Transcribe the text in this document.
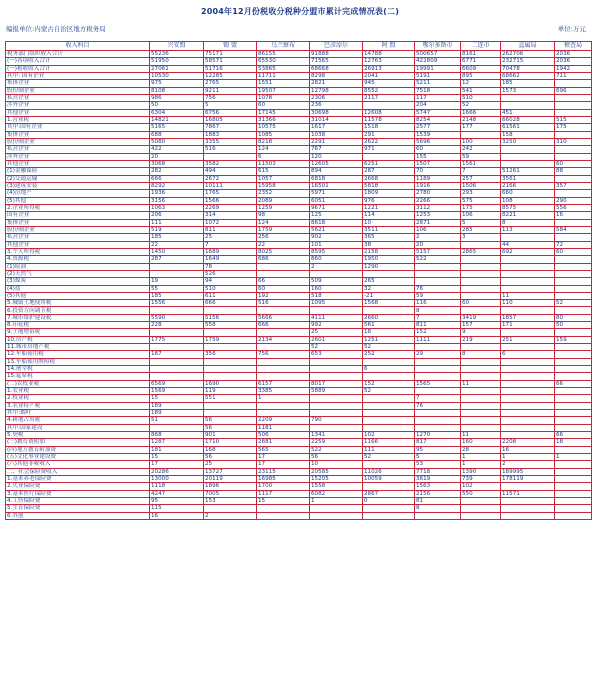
2004年12月份税收分税种分盟市累计完成情况表(二)
编报单位:内蒙古自治区地方税务局	单位:万元
收入科目	兴安盟	锡 盟	乌兰察布	巴彦淖尔	阿 盟	鄂尔多斯市	二连市	直属局	稽查局
税务部门组织收入合计	55236	75171	86155	91888	14788	500657	8161	262706	2036
(一)各项收入合计	51950	58571	65530	71565	12763	422809	6771	232715	2036
(一)税收收入合计	27061	51716	53865	68668	26913	19991	6609	70478	1942
其中: 国有企业	10530	12285	11711	8298	2041	5191	895	68662	711
集体企业	975	2765	1551	2821	945	5211	12	185	
股份制企业	8108	9211	19507	12798	8552	7518	541	1573	696
私营企业	986	756	1078	2306	2117	117	510		
涉外企业	50	5	60	236		204	52		
其他企业	6304	6756	17145	30698	12608	5747	1666	451	
1.营业税	14821	16805	31366	31014	11578	8254	2148	66028	515
其中:国有企业	5165	7867	10575	1617	1518	2577	177	61561	175
集体企业	688	1883	1085	1038	291	1539		158	
股份制企业	5080	3355	8218	2291	2622	5696	100	3250	310
私营企业	422	516	124	767	971	60	242		
涉外企业	20		6	120		155	59		
其他企业	3068	3582	11503	12605	6251	1507	1561		60
(1)金融保险	282	494	615	894	287	70	7	51261	88
(2)交通运输	666	2672	1057	6818	2668	1189	257	3561	
(3)建筑安装	8292	10111	15958	16501	5818	1916	1506	2166	357
(4)房地产	1936	1765	2352	5971	1809	2780	293	660	
(5)其他	3156	1566	2089	6051	976	2266	575	108	290
2.企业所得税	1063	2269	1259	9671	1221	3112	175	8575	556
国有企业	206	314	98	125	114	1253	106	8221	16
集体企业	111	1072	124	8618	10	2871	5	8	
股份制企业	519	811	1759	5621	3511	106	285	113	584
私营企业	185	25	256	902	365	2	3		
其他企业	22	7	22	101	38	20		44	72
3.个人所得税	1450	1689	8025	8595	2158	5157	2865	692	60
4.资源税	287	1649	686	860	1950	522			
(1)原油		78		2	1290				
(2)天然气		526							
(3)煤炭	19	94	66	509	265				
(4)盐	55	510	60	160	32	76			
(5)其他	185	611	192	518	-21	59		11	
5.城镇土地使用税	1556	666	516	1095	1568	116	60	110	52
6.投资方向调节税						8			
7.城市维护建设税	5590	5156	5666	4111	2660	7	3419	1857	80
8.印花税	228	558	666	992	561	811	157	171	50
9.土地增值税				25	18	152	9		
10.房产税	1775	1759	2134	2601	1251	1111	219	251	159
11.城市房地产税				52	52				
12.车船使用税	187	356	756	653	252	29	8	6	
13.车船使用牌照税									
14.屠宰税					6				
15.筵席税									
(二)农牧业税	6569	1690	6157	8017	152	1565	11		66
1.农业税	1569	119	3385	5889	52				
2.牧业税	15	551	1			7			
3.农业特产税	189					76			
其中:烟叶	189								
4.耕地占用税	51	56	2209	790					
其中:国家建设		56	1181						
5.契税	868	901	506	1341	102	1270	11		66
(三)教育费附加	1287	1710	2881	2259	1166	817	160	2208	18
(四)地方教育附加费	181	168	565	522	111	95	28	16	
(五)文化事业建设费	15	56	17	56	52	5	1	1	1
(六)其他非税收入	17	25	17	10		53	1	2	
二、社会保险费收入	20286	13727	23115	20585	11026	7718	1390	189995	
1.基本养老保险费	13000	20119	16985	15205	10059	3619	739	178119	
2.失业保险费	1118	1896	1700	1558		1563	102		
3.基本医疗保险费	4247	7005	1117	6082	2867	2156	550	11571	
4.工伤保险费	95	153	15	1	0	81			
5.生育保险费	115					8			
6.其他	16	2							
